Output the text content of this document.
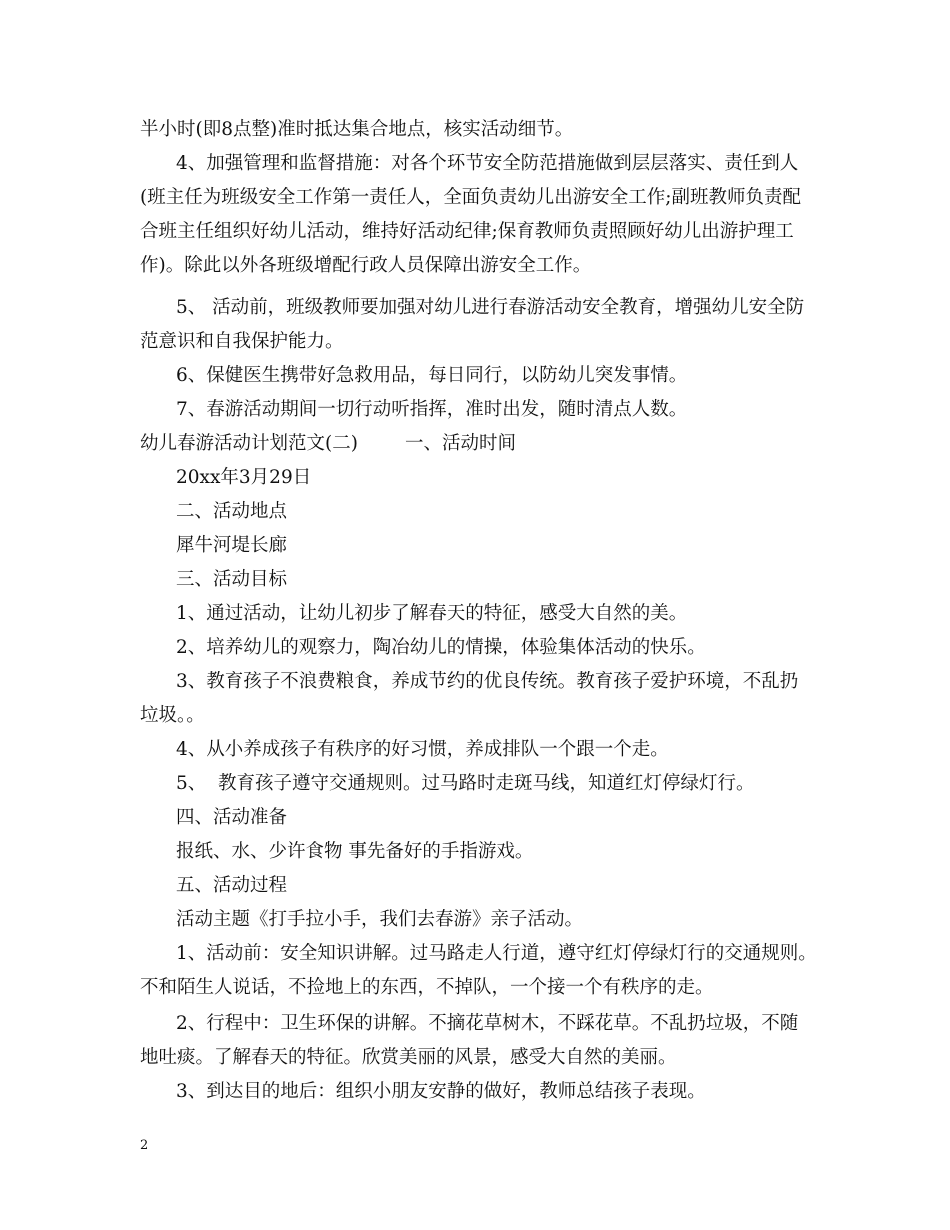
半小时(即8点整)准时抵达集合地点，核实活动细节。
4、加强管理和监督措施：对各个环节安全防范措施做到层层落实、责任到人
(班主任为班级安全工作第一责任人，全面负责幼儿出游安全工作;副班教师负责配
合班主任组织好幼儿活动，维持好活动纪律;保育教师负责照顾好幼儿出游护理工
作)。除此以外各班级增配行政人员保障出游安全工作。
5、 活动前，班级教师要加强对幼儿进行春游活动安全教育，增强幼儿安全防
范意识和自我保护能力。
6、保健医生携带好急救用品，每日同行，以防幼儿突发事情。
7、春游活动期间一切行动听指挥，准时出发，随时清点人数。
幼儿春游活动计划范文(二)        一、活动时间
20xx年3月29日
二、活动地点
犀牛河堤长廊
三、活动目标
1、通过活动，让幼儿初步了解春天的特征，感受大自然的美。
2、培养幼儿的观察力，陶冶幼儿的情操，体验集体活动的快乐。
3、教育孩子不浪费粮食，养成节约的优良传统。教育孩子爱护环境，不乱扔
垃圾。。
4、从小养成孩子有秩序的好习惯，养成排队一个跟一个走。
5、  教育孩子遵守交通规则。过马路时走斑马线，知道红灯停绿灯行。
四、活动准备
报纸、水、少许食物 事先备好的手指游戏。
五、活动过程
活动主题《打手拉小手，我们去春游》亲子活动。
1、活动前：安全知识讲解。过马路走人行道，遵守红灯停绿灯行的交通规则。
不和陌生人说话，不捡地上的东西，不掉队，一个接一个有秩序的走。
2、行程中：卫生环保的讲解。不摘花草树木，不踩花草。不乱扔垃圾，不随
地吐痰。了解春天的特征。欣赏美丽的风景，感受大自然的美丽。
3、到达目的地后：组织小朋友安静的做好，教师总结孩子表现。
2
